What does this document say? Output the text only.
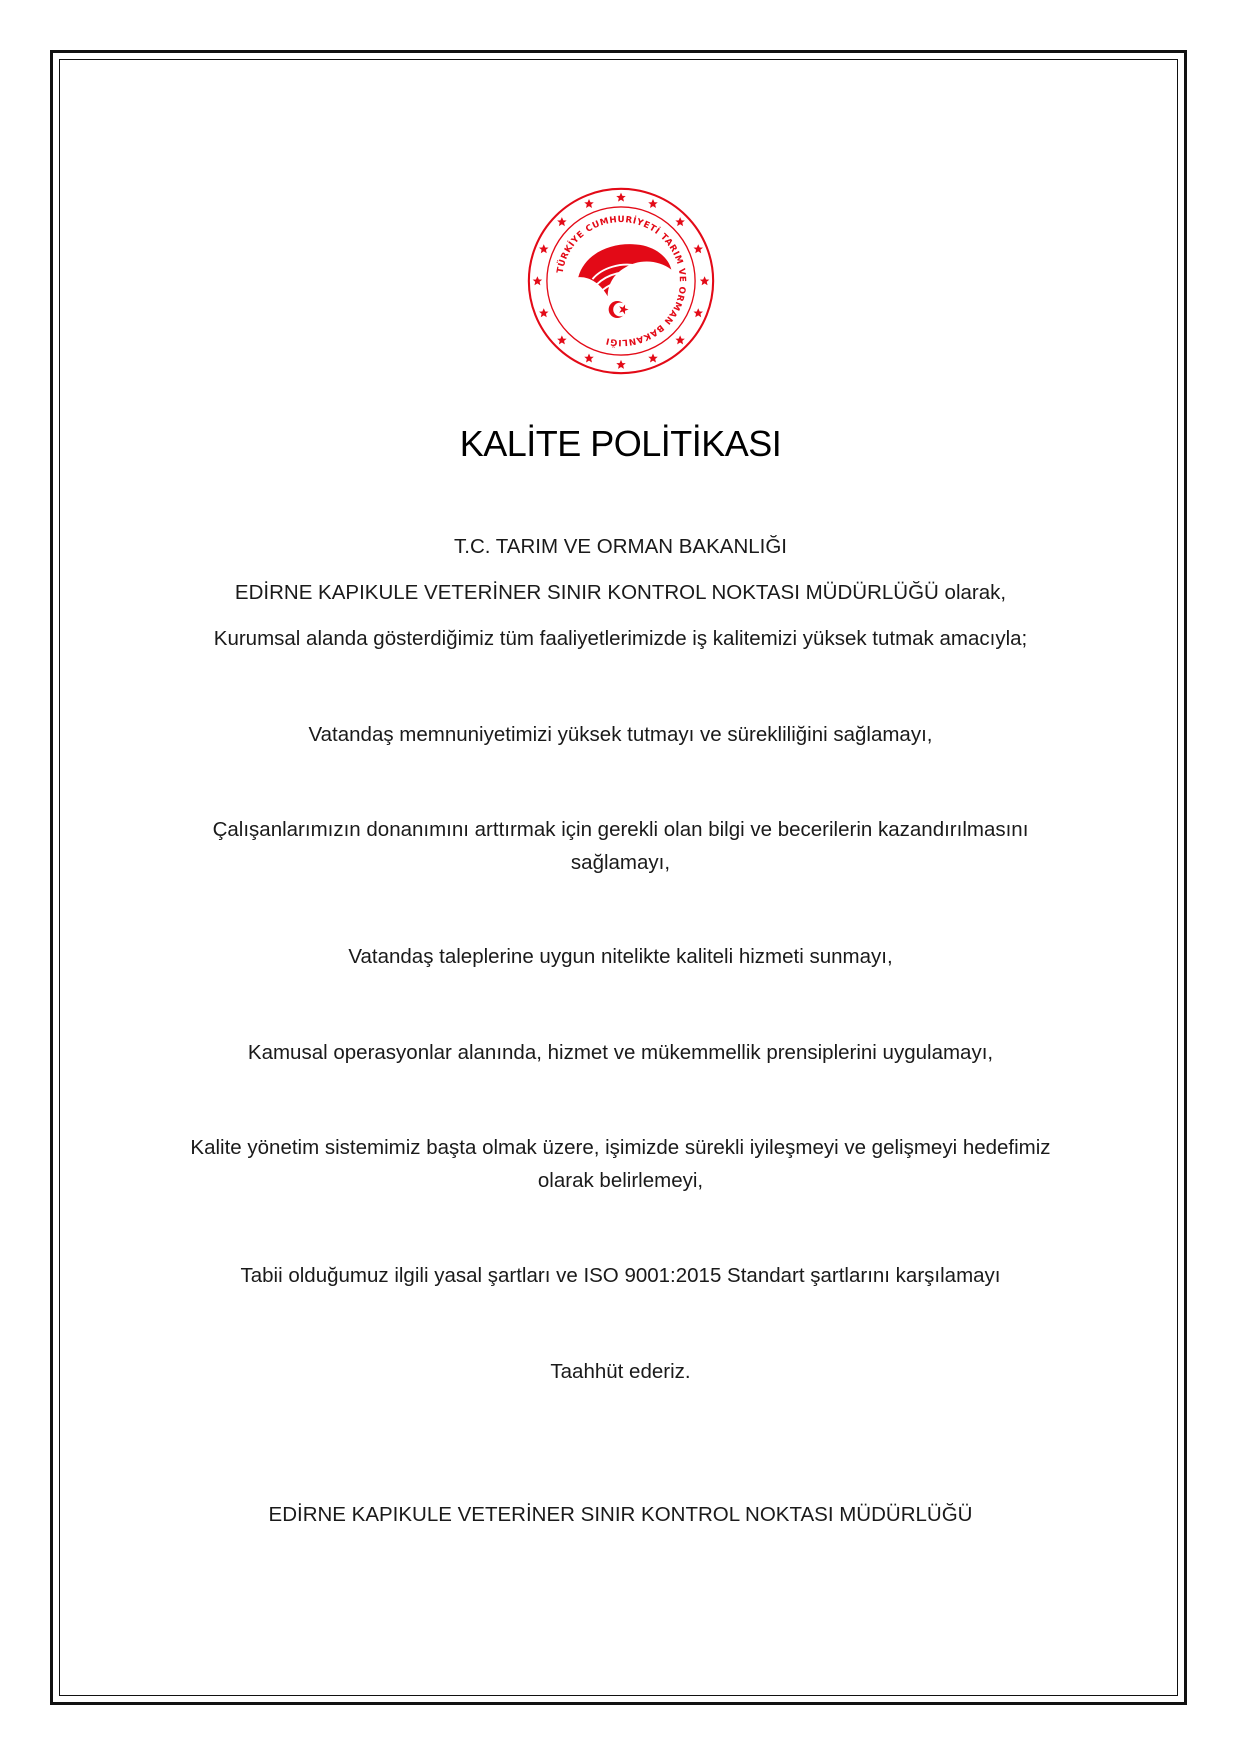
TÜRKİYE CUMHURİYETİ TARIM VE ORMAN BAKANLIĞI
KALİTE POLİTİKASI
T.C. TARIM VE ORMAN BAKANLIĞI
EDİRNE KAPIKULE VETERİNER SINIR KONTROL NOKTASI MÜDÜRLÜĞÜ olarak,
Kurumsal alanda gösterdiğimiz tüm faaliyetlerimizde iş kalitemizi yüksek tutmak amacıyla;
Vatandaş memnuniyetimizi yüksek tutmayı ve sürekliliğini sağlamayı,
Çalışanlarımızın donanımını arttırmak için gerekli olan bilgi ve becerilerin kazandırılmasını
sağlamayı,
Vatandaş taleplerine uygun nitelikte kaliteli hizmeti sunmayı,
Kamusal operasyonlar alanında, hizmet ve mükemmellik prensiplerini uygulamayı,
Kalite yönetim sistemimiz başta olmak üzere, işimizde sürekli iyileşmeyi ve gelişmeyi hedefimiz
olarak belirlemeyi,
Tabii olduğumuz ilgili yasal şartları ve ISO 9001:2015 Standart şartlarını karşılamayı
Taahhüt ederiz.
EDİRNE KAPIKULE VETERİNER SINIR KONTROL NOKTASI MÜDÜRLÜĞÜ
